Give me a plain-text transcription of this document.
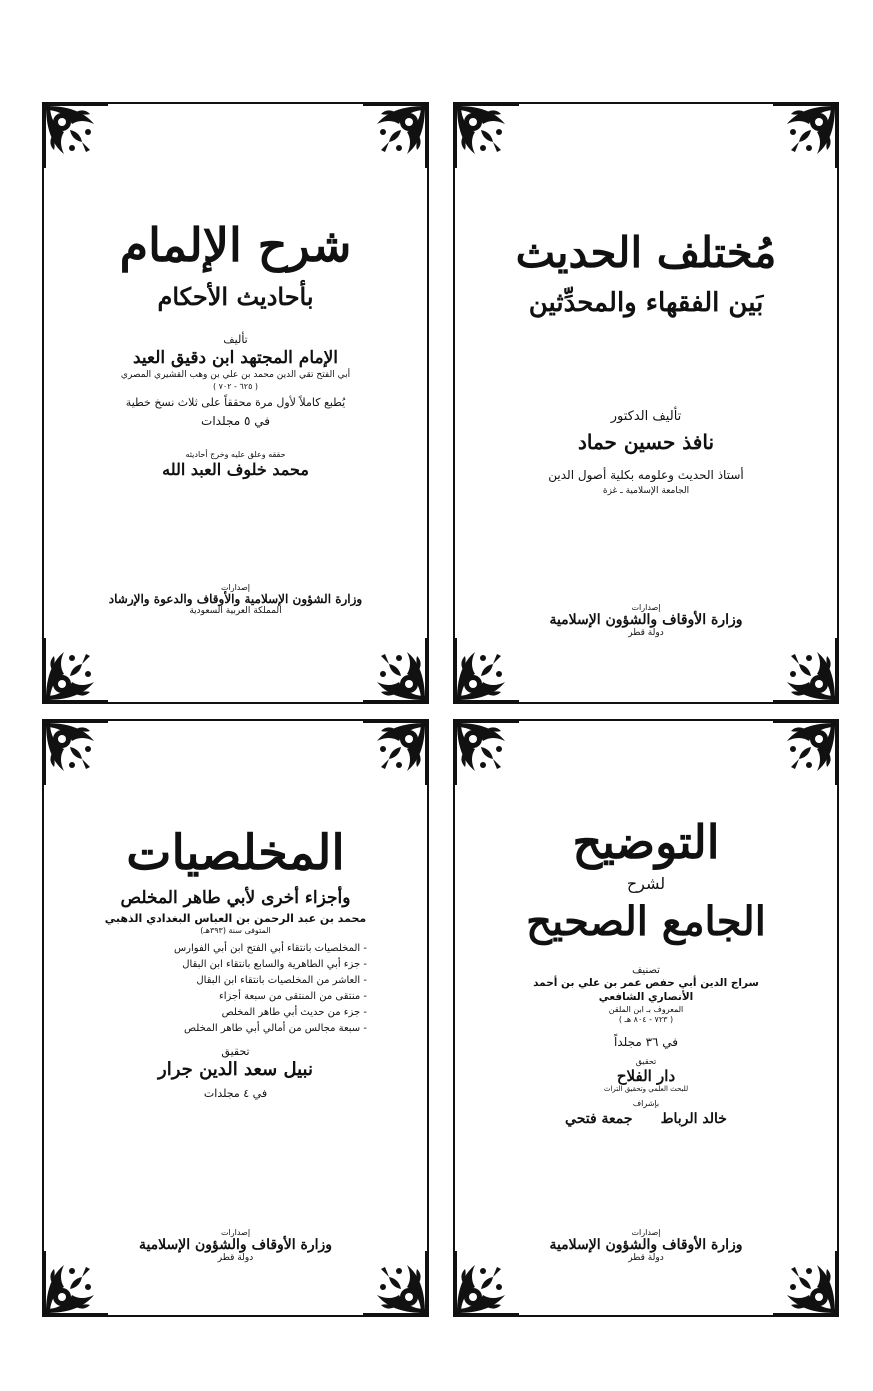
مُختلف الحديث
بَين الفقهاء والمحدِّثين
تأليف الدكتور
نافذ حسين حماد
أستاذ الحديث وعلومه بكلية أصول الدين
الجامعة الإسلامية ـ غزة
إصدارات
وزارة الأوقاف والشؤون الإسلامية
دولة قطر
شرح الإلمام
بأحاديث الأحكام
تأليف
الإمام المجتهد ابن دقيق العيد
أبي الفتح تقي الدين محمد بن علي بن وهب القشيري المصري
( ٦٢٥ - ٧٠٢ )
يُطبع كاملاً لأول مرة محققاً على ثلاث نسخ خطية
في ٥ مجلدات
حققه وعلق عليه وخرج أحاديثه
محمد خلوف العبد الله
إصدارات
وزارة الشؤون الإسلامية والأوقاف والدعوة والإرشاد
المملكة العربية السعودية
التوضيح
لشرح
الجامع الصحيح
تصنيف
سراج الدين أبي حفص عمر بن علي بن أحمد الأنصاري الشافعي
المعروف بـ ابن الملقن
( ٧٢٣ - ٨٠٤ هـ )
في ٣٦ مجلداً
تحقيق
دار الفلاح
للبحث العلمي وتحقيق التراث
بإشراف
خالد الرباط
جمعة فتحي
إصدارات
وزارة الأوقاف والشؤون الإسلامية
دولة قطر
المخلصيات
وأجزاء أخرى لأبي طاهر المخلص
محمد بن عبد الرحمن بن العباس البغدادي الذهبي
المتوفى سنة (٣٩٣هـ)
- المخلصيات بانتقاء أبي الفتح ابن أبي الفوارس
- جزء أبي الطاهرية والسابع بانتقاء ابن البقال
- العاشر من المخلصيات بانتقاء ابن البقال
- منتقى من المنتقى من سبعة أجزاء
- جزء من حديث أبي طاهر المخلص
- سبعة مجالس من أمالي أبي طاهر المخلص
تحقيق
نبيل سعد الدين جرار
في ٤ مجلدات
إصدارات
وزارة الأوقاف والشؤون الإسلامية
دولة قطر
